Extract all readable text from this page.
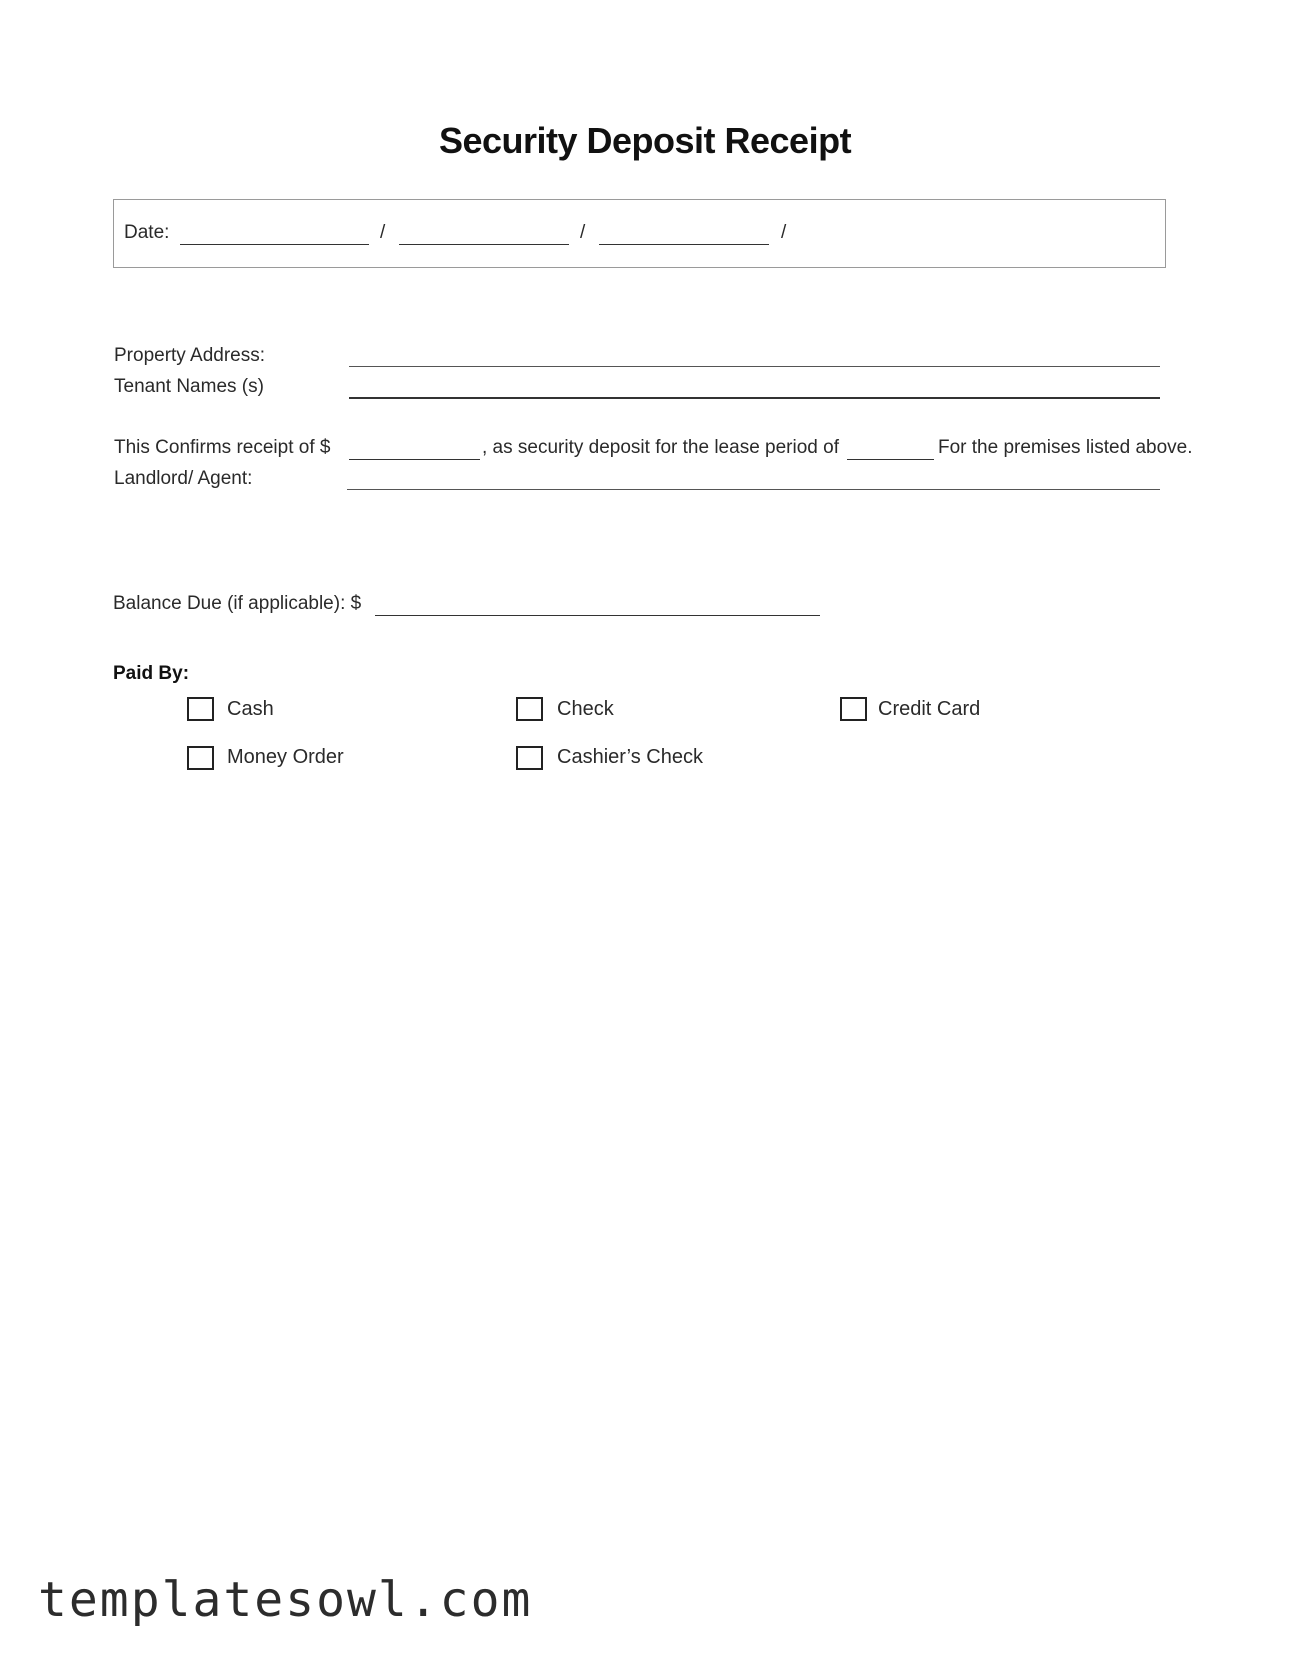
Security Deposit Receipt
Date:	/	/	/
Property Address:
Tenant Names (s)
This Confirms receipt of $	, as security deposit for the lease period of	For the premises listed above.
Landlord/ Agent:
Balance Due (if applicable): $
Paid By:
Cash	Check	Credit Card
Money Order	Cashier’s Check
templatesowl.com
